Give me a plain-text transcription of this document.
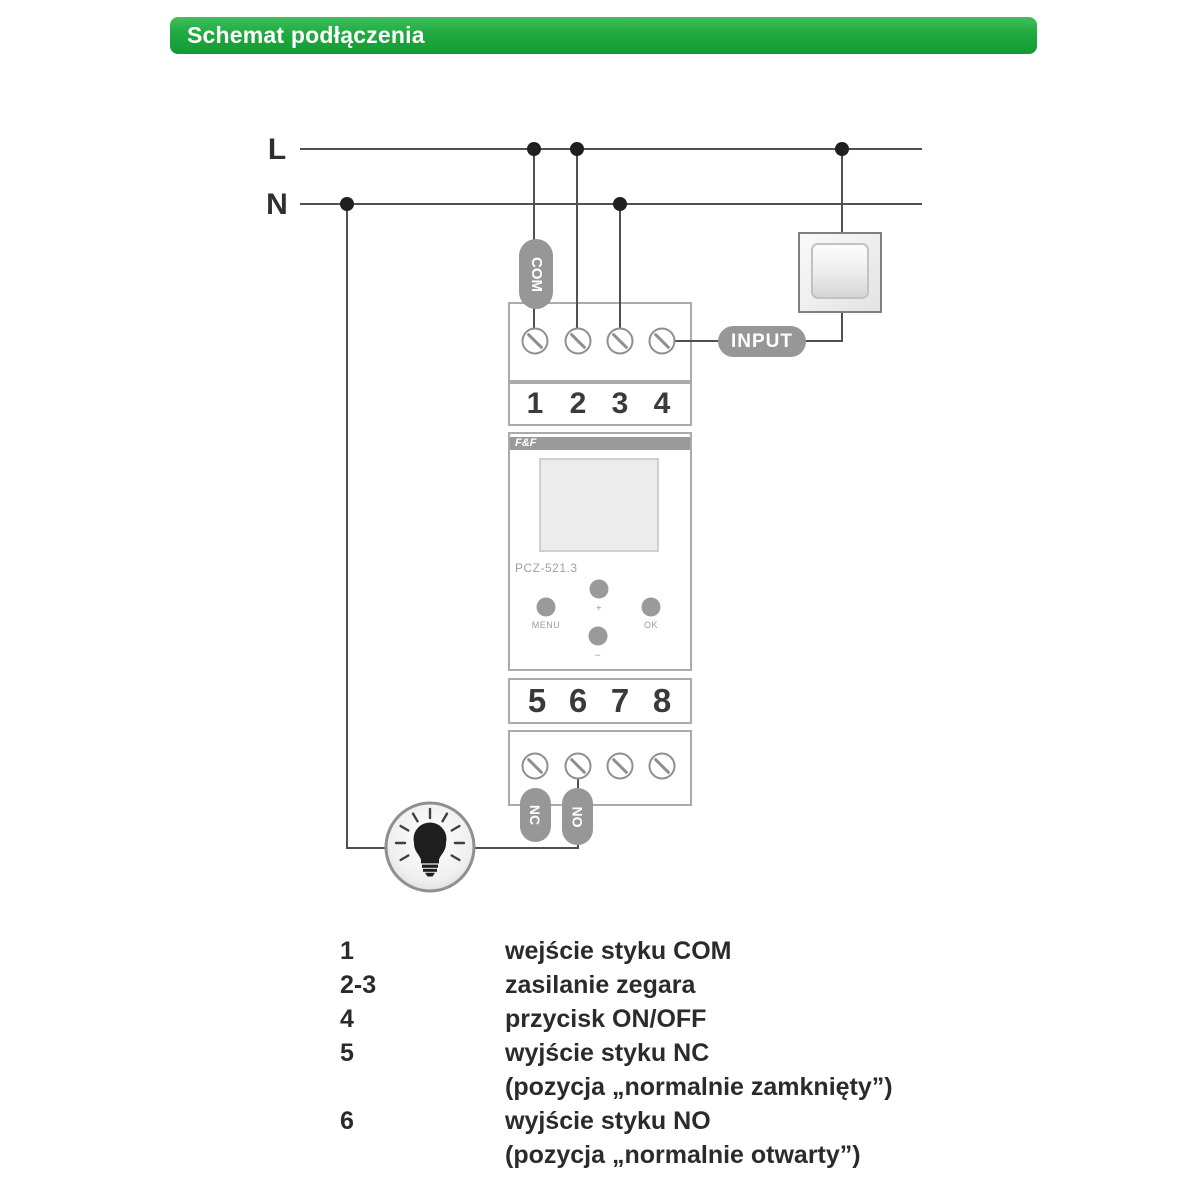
Schemat podłączenia
L
N
1 2 3 4
F&F
PCZ-521.3
+
MENU	OK
−
5 6 7 8
COM
INPUT
NC NO
1	wejście styku COM
2-3	zasilanie zegara
4	przycisk ON/OFF
5	wyjście styku NC
(pozycja „normalnie zamknięty”)
6	wyjście styku NO
(pozycja „normalnie otwarty”)
